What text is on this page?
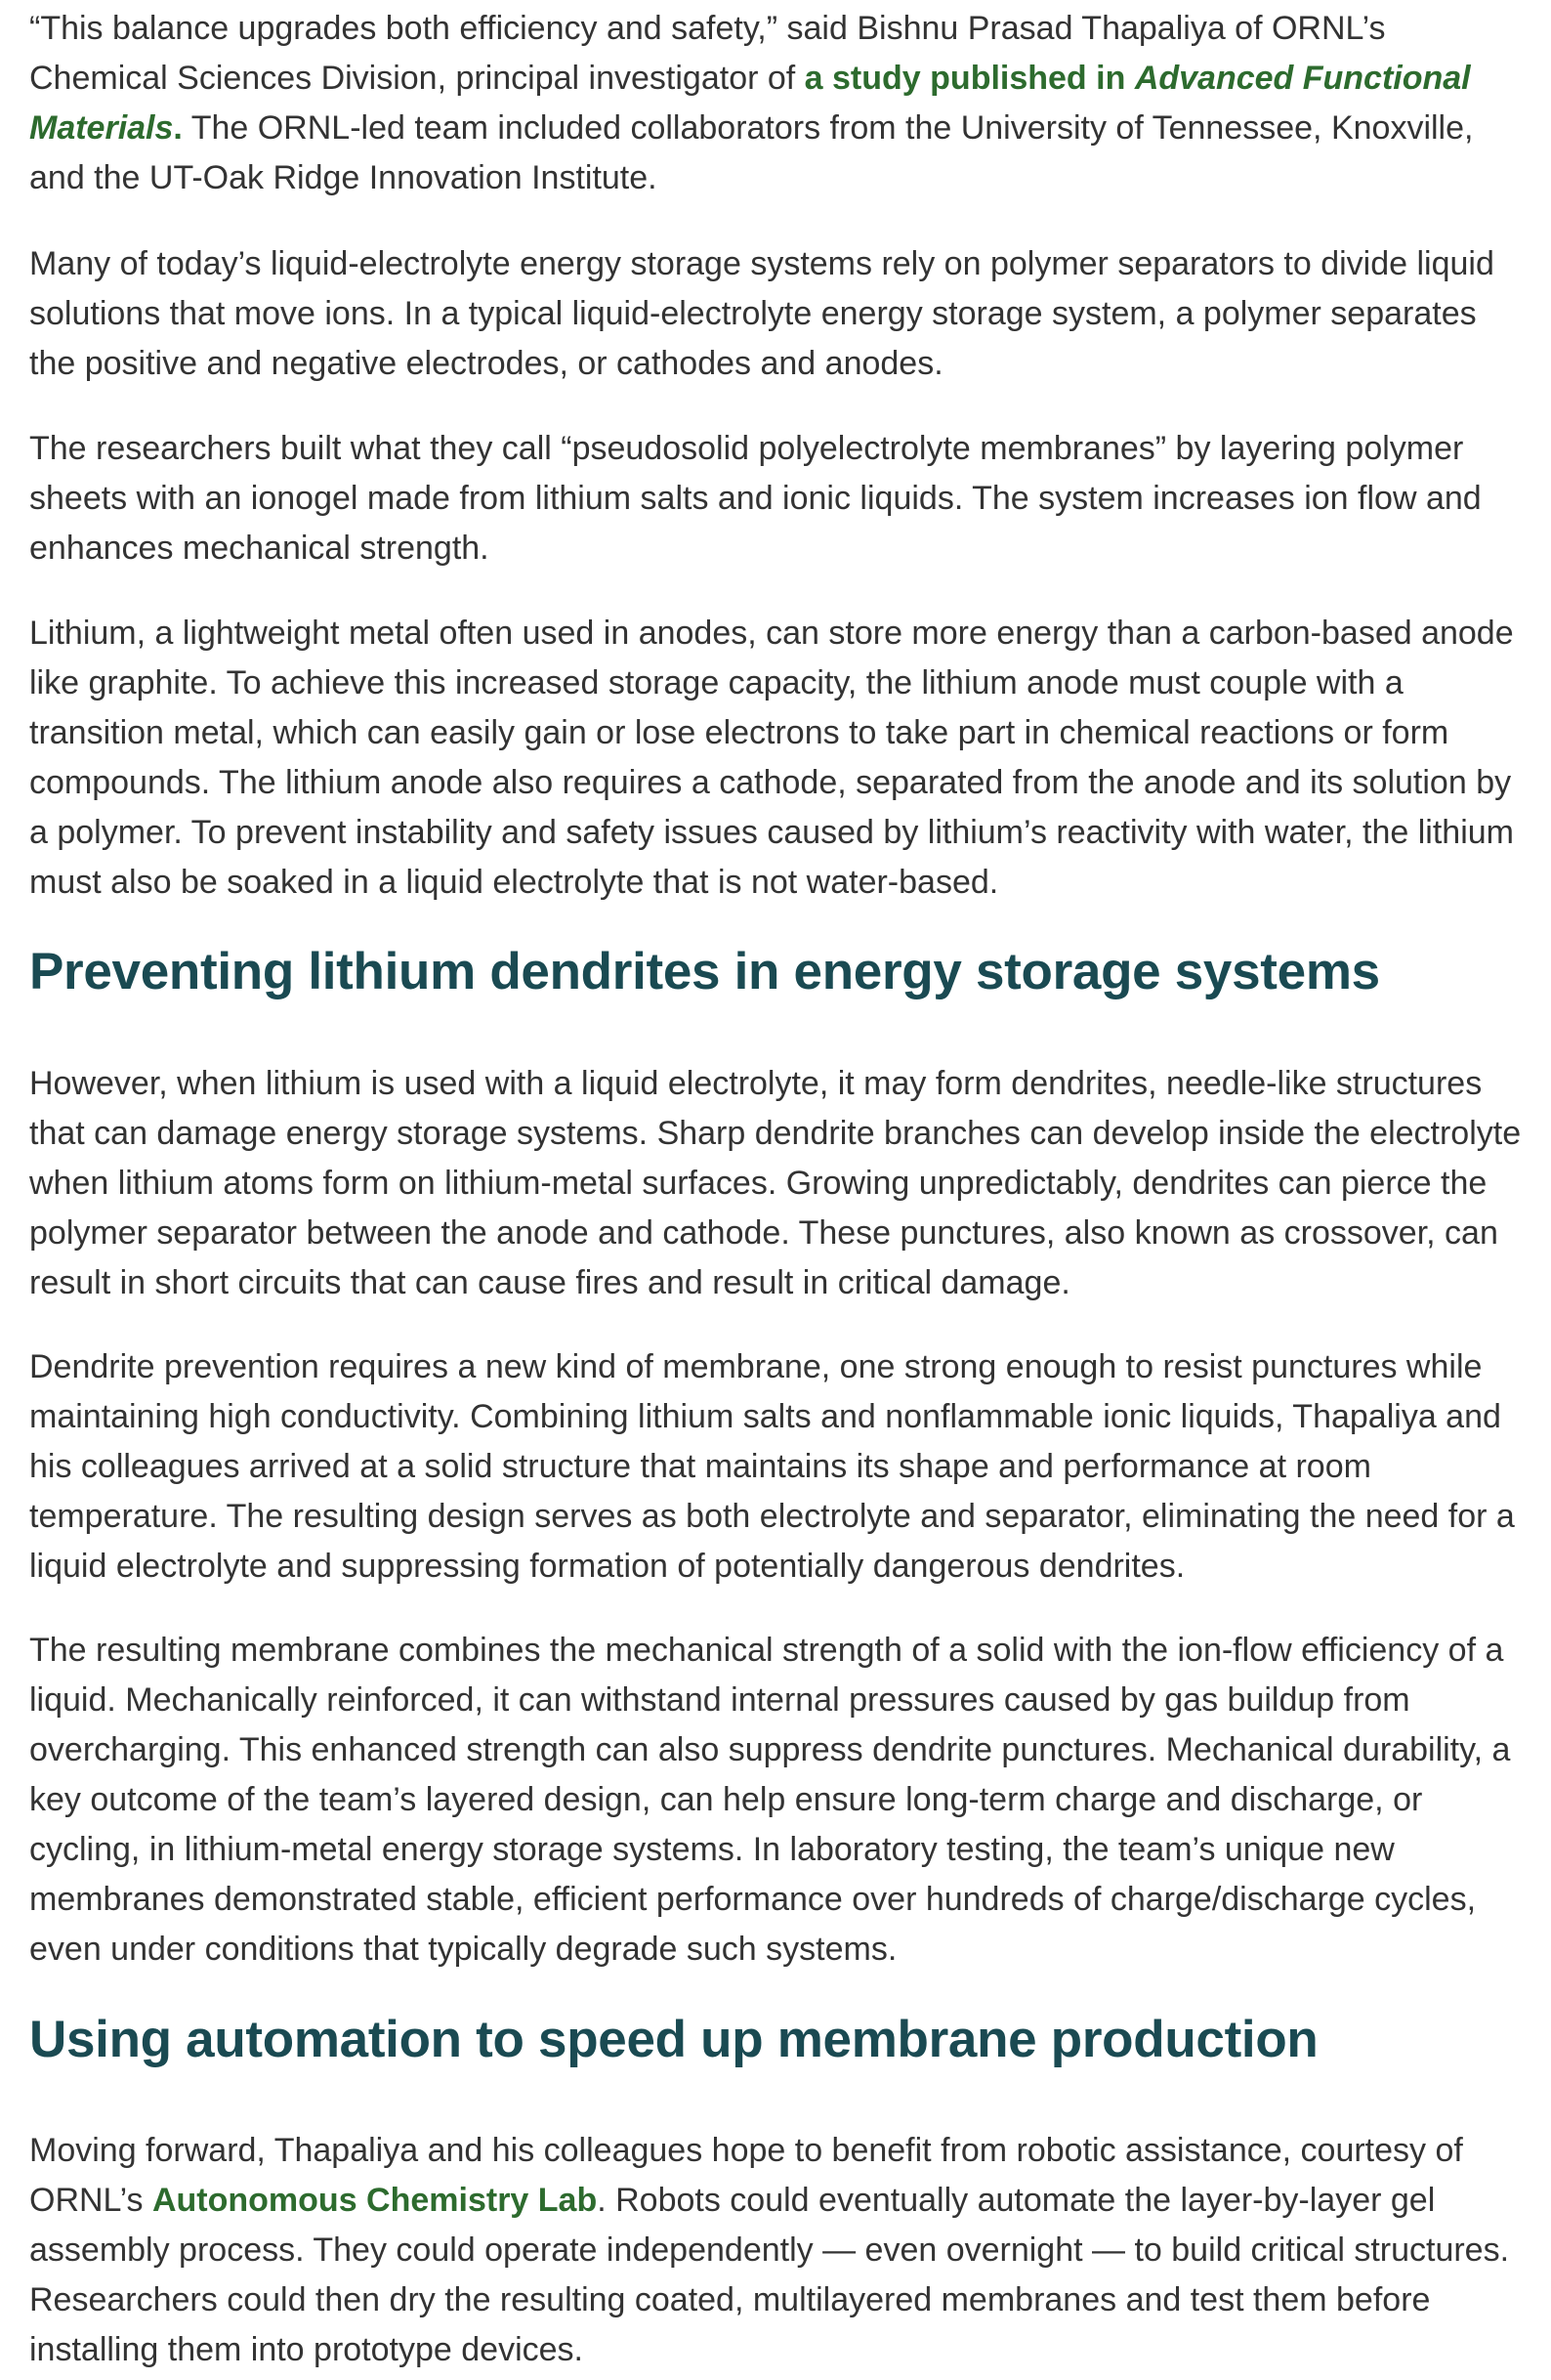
“This balance upgrades both efficiency and safety,” said Bishnu Prasad Thapaliya of ORNL’s Chemical Sciences Division, principal investigator of a study published in Advanced Functional Materials. The ORNL-led team included collaborators from the University of Tennessee, Knoxville, and the UT-Oak Ridge Innovation Institute.

Many of today’s liquid-electrolyte energy storage systems rely on polymer separators to divide liquid solutions that move ions. In a typical liquid-electrolyte energy storage system, a polymer separates the positive and negative electrodes, or cathodes and anodes.

The researchers built what they call “pseudosolid polyelectrolyte membranes” by layering polymer sheets with an ionogel made from lithium salts and ionic liquids. The system increases ion flow and enhances mechanical strength.

Lithium, a lightweight metal often used in anodes, can store more energy than a carbon-based anode like graphite. To achieve this increased storage capacity, the lithium anode must couple with a transition metal, which can easily gain or lose electrons to take part in chemical reactions or form compounds. The lithium anode also requires a cathode, separated from the anode and its solution by a polymer. To prevent instability and safety issues caused by lithium’s reactivity with water, the lithium must also be soaked in a liquid electrolyte that is not water-based.

Preventing lithium dendrites in energy storage systems

However, when lithium is used with a liquid electrolyte, it may form dendrites, needle-like structures that can damage energy storage systems. Sharp dendrite branches can develop inside the electrolyte when lithium atoms form on lithium-metal surfaces. Growing unpredictably, dendrites can pierce the polymer separator between the anode and cathode. These punctures, also known as crossover, can result in short circuits that can cause fires and result in critical damage.

Dendrite prevention requires a new kind of membrane, one strong enough to resist punctures while maintaining high conductivity. Combining lithium salts and nonflammable ionic liquids, Thapaliya and his colleagues arrived at a solid structure that maintains its shape and performance at room temperature. The resulting design serves as both electrolyte and separator, eliminating the need for a liquid electrolyte and suppressing formation of potentially dangerous dendrites.

The resulting membrane combines the mechanical strength of a solid with the ion-flow efficiency of a liquid. Mechanically reinforced, it can withstand internal pressures caused by gas buildup from overcharging. This enhanced strength can also suppress dendrite punctures. Mechanical durability, a key outcome of the team’s layered design, can help ensure long-term charge and discharge, or cycling, in lithium-metal energy storage systems. In laboratory testing, the team’s unique new membranes demonstrated stable, efficient performance over hundreds of charge/discharge cycles, even under conditions that typically degrade such systems.

Using automation to speed up membrane production

Moving forward, Thapaliya and his colleagues hope to benefit from robotic assistance, courtesy of ORNL’s Autonomous Chemistry Lab. Robots could eventually automate the layer-by-layer gel assembly process. They could operate independently — even overnight — to build critical structures. Researchers could then dry the resulting coated, multilayered membranes and test them before installing them into prototype devices.
